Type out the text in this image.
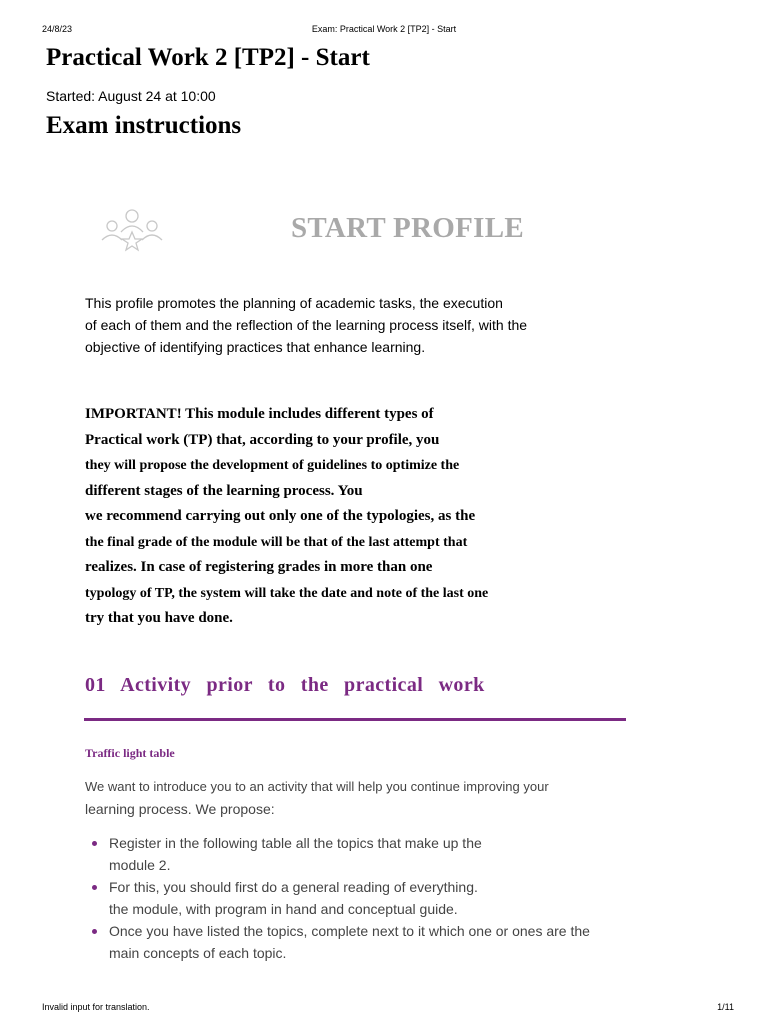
24/8/23	Exam: Practical Work 2 [TP2] - Start
Practical Work 2 [TP2] - Start
Started: August 24 at 10:00
Exam instructions
START PROFILE
This profile promotes the planning of academic tasks, the execution
of each of them and the reflection of the learning process itself, with the
objective of identifying practices that enhance learning.
IMPORTANT! This module includes different types of
Practical work (TP) that, according to your profile, you
they will propose the development of guidelines to optimize the
different stages of the learning process. You
we recommend carrying out only one of the typologies, as the
the final grade of the module will be that of the last attempt that
realizes. In case of registering grades in more than one
typology of TP, the system will take the date and note of the last one
try that you have done.
01 Activity prior to the practical work
Traffic light table
We want to introduce you to an activity that will help you continue improving your
learning process. We propose:
Register in the following table all the topics that make up the
module 2.
For this, you should first do a general reading of everything.
the module, with program in hand and conceptual guide.
Once you have listed the topics, complete next to it which one or ones are the
main concepts of each topic.
Invalid input for translation.	1/11
